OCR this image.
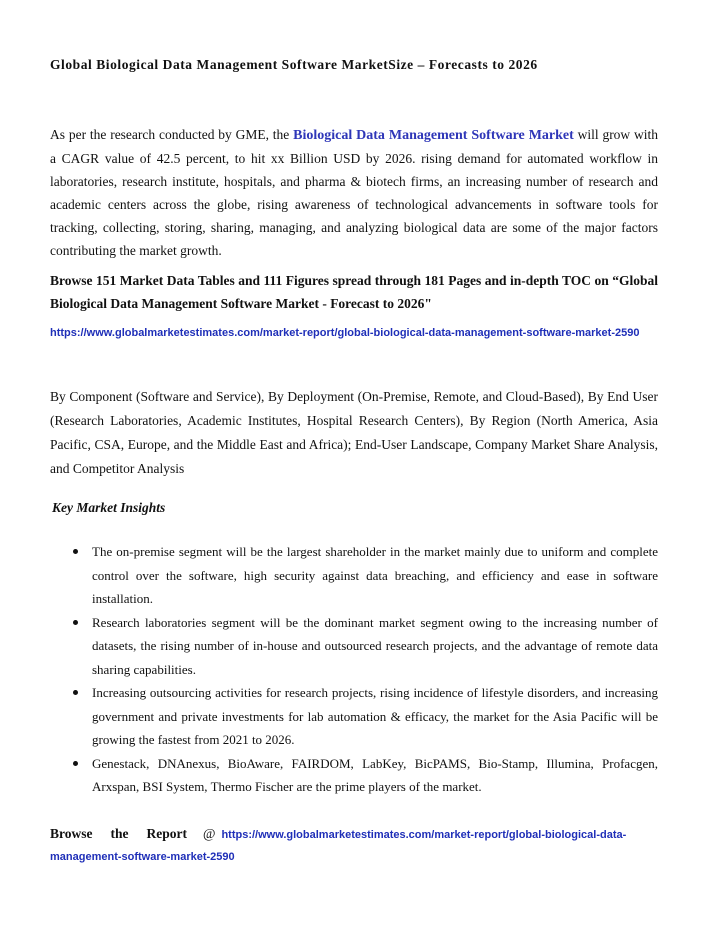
Global Biological Data Management Software MarketSize – Forecasts to 2026
As per the research conducted by GME, the Biological Data Management Software Market will grow with a CAGR value of 42.5 percent, to hit xx Billion USD by 2026. rising demand for automated workflow in laboratories, research institute, hospitals, and pharma & biotech firms, an increasing number of research and academic centers across the globe, rising awareness of technological advancements in software tools for tracking, collecting, storing, sharing, managing, and analyzing biological data are some of the major factors contributing the market growth.
Browse 151 Market Data Tables and 111 Figures spread through 181 Pages and in-depth TOC on “Global Biological Data Management Software Market - Forecast to 2026"
https://www.globalmarketestimates.com/market-report/global-biological-data-management-software-market-2590
By Component (Software and Service), By Deployment (On-Premise, Remote, and Cloud-Based), By End User (Research Laboratories, Academic Institutes, Hospital Research Centers), By Region (North America, Asia Pacific, CSA, Europe, and the Middle East and Africa); End-User Landscape, Company Market Share Analysis, and Competitor Analysis
Key Market Insights
The on-premise segment will be the largest shareholder in the market mainly due to uniform and complete control over the software, high security against data breaching, and efficiency and ease in software installation.
Research laboratories segment will be the dominant market segment owing to the increasing number of datasets, the rising number of in-house and outsourced research projects, and the advantage of remote data sharing capabilities.
Increasing outsourcing activities for research projects, rising incidence of lifestyle disorders, and increasing government and private investments for lab automation & efficacy, the market for the Asia Pacific will be growing the fastest from 2021 to 2026.
Genestack, DNAnexus, BioAware, FAIRDOM, LabKey, BicPAMS, Bio-Stamp, Illumina, Profacgen, Arxspan, BSI System, Thermo Fischer are the prime players of the market.
Browse the Report @ https://www.globalmarketestimates.com/market-report/global-biological-data-
management-software-market-2590
